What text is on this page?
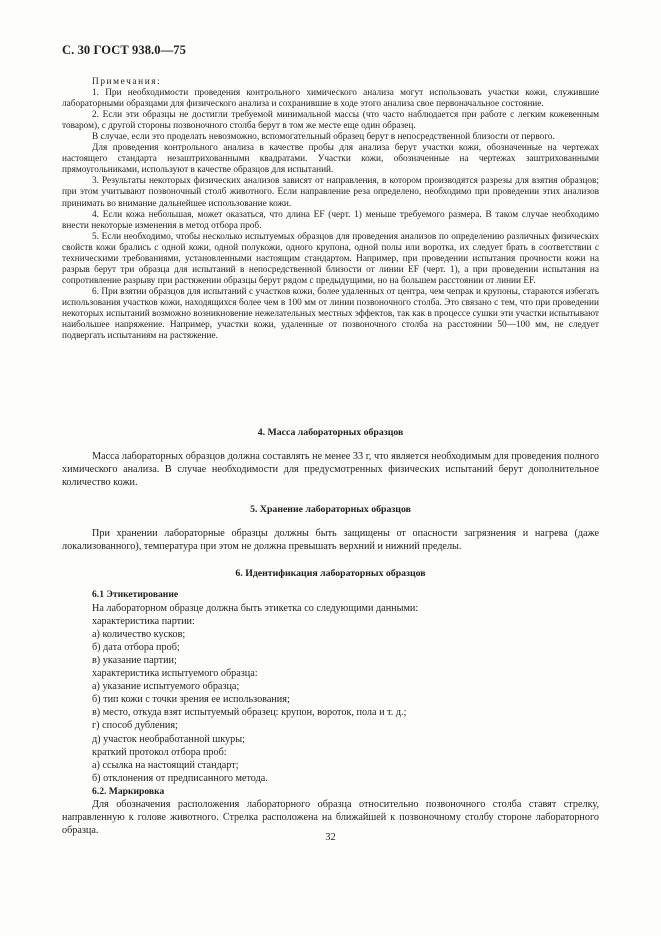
С. 30 ГОСТ 938.0—75

Примечания:

1. При необходимости проведения контрольного химического анализа могут использовать участки кожи, служившие лабораторными образцами для физического анализа и сохранившие в ходе этого анализа свое первоначальное состояние.

2. Если эти образцы не достигли требуемой минимальной массы (что часто наблюдается при работе с легким кожевенным товаром), с другой стороны позвоночного столба берут в том же месте еще один образец.

В случае, если это проделать невозможно, вспомогательный образец берут в непосредственной близости от первого.

Для проведения контрольного анализа в качестве пробы для анализа берут участки кожи, обозначенные на чертежах настоящего стандарта незаштрихованными квадратами. Участки кожи, обозначенные на чертежах заштрихованными прямоугольниками, используют в качестве образцов для испытаний.

3. Результаты некоторых физических анализов зависят от направления, в котором производятся разрезы для взятия образцов; при этом учитывают позвоночный столб животного. Если направление реза определено, необходимо при проведении этих анализов принимать во внимание дальнейшее использование кожи.

4. Если кожа небольшая, может оказаться, что длина EF (черт. 1) меньше требуемого размера. В таком случае необходимо внести некоторые изменения в метод отбора проб.

5. Если необходимо, чтобы несколько испытуемых образцов для проведения анализов по определению различных физических свойств кожи брались с одной кожи, одной полукожи, одного крупона, одной полы или воротка, их следует брать в соответствии с техническими требованиями, установленными настоящим стандартом. Например, при проведении испытания прочности кожи на разрыв берут три образца для испытаний в непосредственной близости от линии EF (черт. 1), а при проведении испытания на сопротивление разрыву при растяжении образцы берут рядом с предыдущими, но на большем расстоянии от линии EF.

6. При взятии образцов для испытаний с участков кожи, более удаленных от центра, чем чепрак и крупоны, стараются избегать использования участков кожи, находящихся более чем в 100 мм от линии позвоночного столба. Это связано с тем, что при проведении некоторых испытаний возможно возникновение нежелательных местных эффектов, так как в процессе сушки эти участки испытывают наибольшее напряжение. Например, участки кожи, удаленные от позвоночного столба на расстоянии 50—100 мм, не следует подвергать испытаниям на растяжение.

4. Масса лабораторных образцов

Масса лабораторных образцов должна составлять не менее 33 г, что является необходимым для проведения полного химического анализа. В случае необходимости для предусмотренных физических испытаний берут дополнительное количество кожи.

5. Хранение лабораторных образцов

При хранении лабораторные образцы должны быть защищены от опасности загрязнения и нагрева (даже локализованного), температура при этом не должна превышать верхний и нижний пределы.

6. Идентификация лабораторных образцов

6.1 Этикетирование

На лабораторном образце должна быть этикетка со следующими данными:

характеристика партии:

а) количество кусков;

б) дата отбора проб;

в) указание партии;

характеристика испытуемого образца:

а) указание испытуемого образца;

б) тип кожи с точки зрения ее использования;

в) место, откуда взят испытуемый образец: крупон, вороток, пола и т. д.;

г) способ дубления;

д) участок необработанной шкуры;

краткий протокол отбора проб:

а) ссылка на настоящий стандарт;

б) отклонения от предписанного метода.

6.2. Маркировка

Для обозначения расположения лабораторного образца относительно позвоночного столба ставят стрелку, направленную к голове животного. Стрелка расположена на ближайшей к позвоночному столбу стороне лабораторного образца.

32
